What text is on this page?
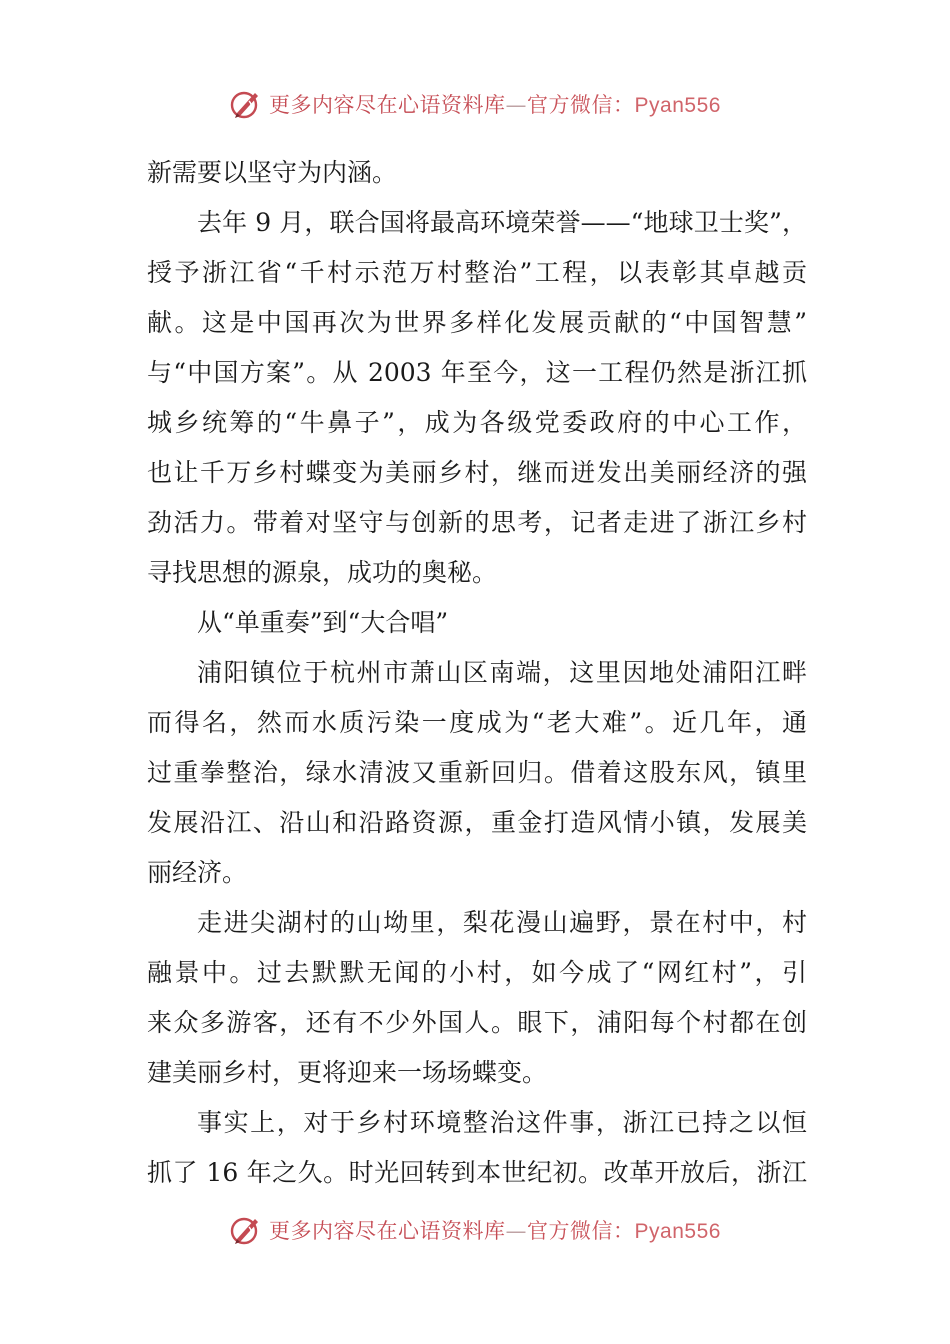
更多内容尽在心语资料库—官方微信：Pyan556
新需要以坚守为内涵。
去年 9 月，联合国将最高环境荣誉——“地球卫士奖”，
授予浙江省“千村示范万村整治”工程，以表彰其卓越贡
献。这是中国再次为世界多样化发展贡献的“中国智慧”
与“中国方案”。从 2003 年至今，这一工程仍然是浙江抓
城乡统筹的“牛鼻子”，成为各级党委政府的中心工作，
也让千万乡村蝶变为美丽乡村，继而迸发出美丽经济的强
劲活力。带着对坚守与创新的思考，记者走进了浙江乡村
寻找思想的源泉，成功的奥秘。
从“单重奏”到“大合唱”
浦阳镇位于杭州市萧山区南端，这里因地处浦阳江畔
而得名，然而水质污染一度成为“老大难”。近几年，通
过重拳整治，绿水清波又重新回归。借着这股东风，镇里
发展沿江、沿山和沿路资源，重金打造风情小镇，发展美
丽经济。
走进尖湖村的山坳里，梨花漫山遍野，景在村中，村
融景中。过去默默无闻的小村，如今成了“网红村”，引
来众多游客，还有不少外国人。眼下，浦阳每个村都在创
建美丽乡村，更将迎来一场场蝶变。
事实上，对于乡村环境整治这件事，浙江已持之以恒
抓了 16 年之久。时光回转到本世纪初。改革开放后，浙江
更多内容尽在心语资料库—官方微信：Pyan556
